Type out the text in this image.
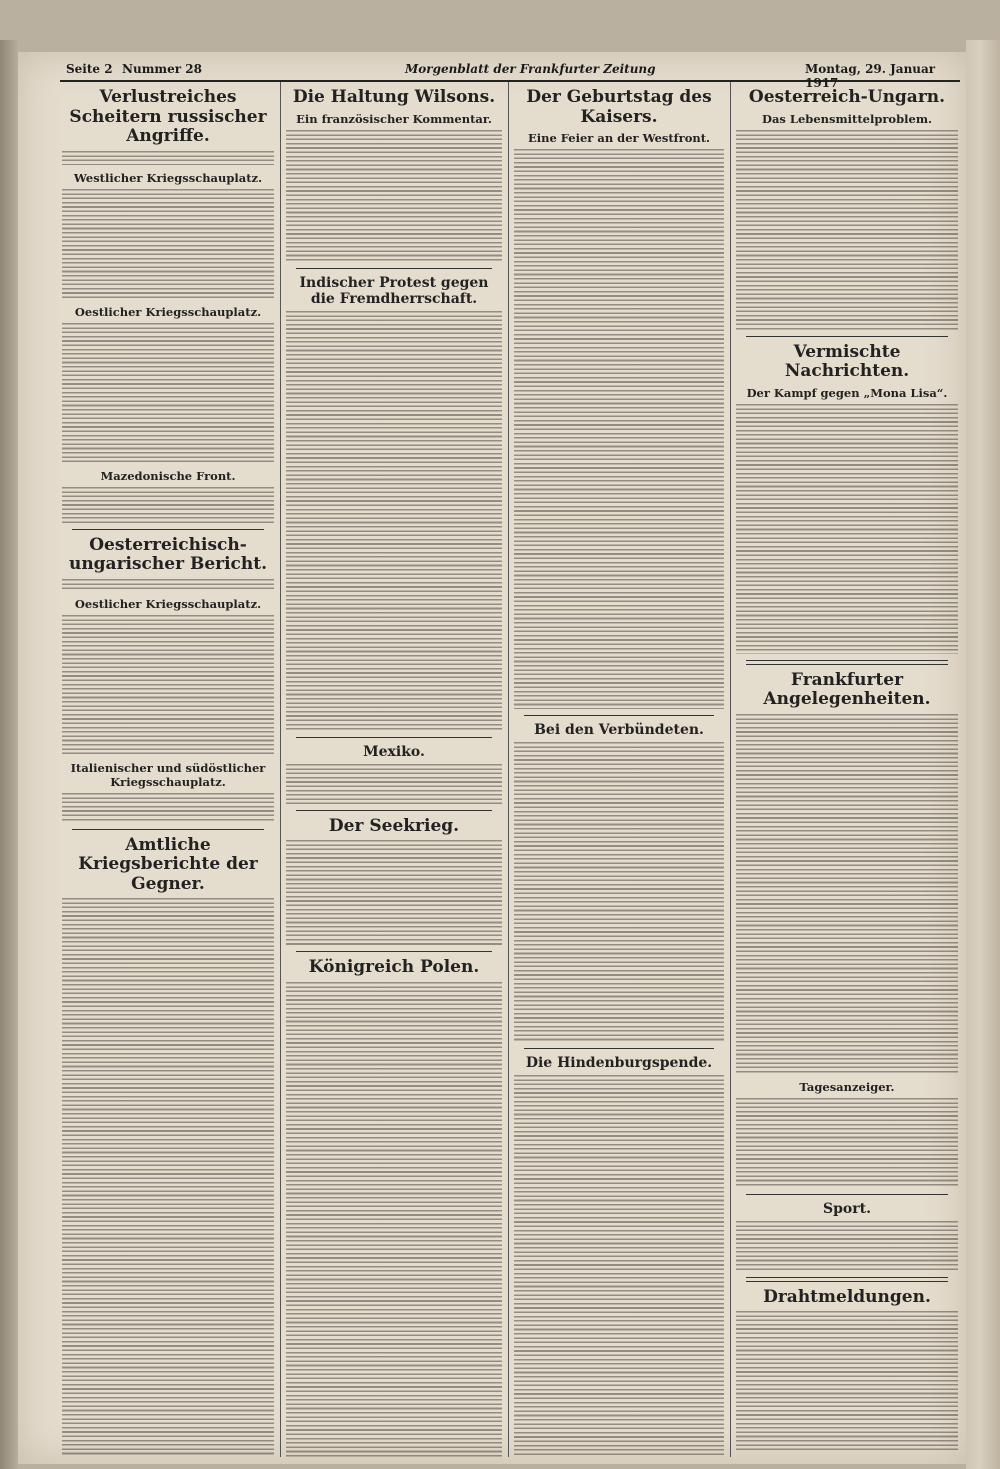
Seite 2 Nummer 28	Morgenblatt der Frankfurter Zeitung	Montag, 29. Januar 1917
Verlustreiches Scheitern russischer Angriffe.
Westlicher Kriegsschauplatz.
Oestlicher Kriegsschauplatz.
Mazedonische Front.
Oesterreichisch-ungarischer Bericht.
Oestlicher Kriegsschauplatz.
Italienischer und südöstlicher Kriegsschauplatz.
Amtliche Kriegsberichte der Gegner.
Die Haltung Wilsons.
Ein französischer Kommentar.
Indischer Protest gegen die Fremdherrschaft.
Mexiko.
Der Seekrieg.
Königreich Polen.
Der Geburtstag des Kaisers.
Eine Feier an der Westfront.
Bei den Verbündeten.
Die Hindenburgspende.
Oesterreich-Ungarn.
Das Lebensmittelproblem.
Vermischte Nachrichten.
Der Kampf gegen „Mona Lisa“.
Frankfurter Angelegenheiten.
Tagesanzeiger.
Sport.
Drahtmeldungen.
